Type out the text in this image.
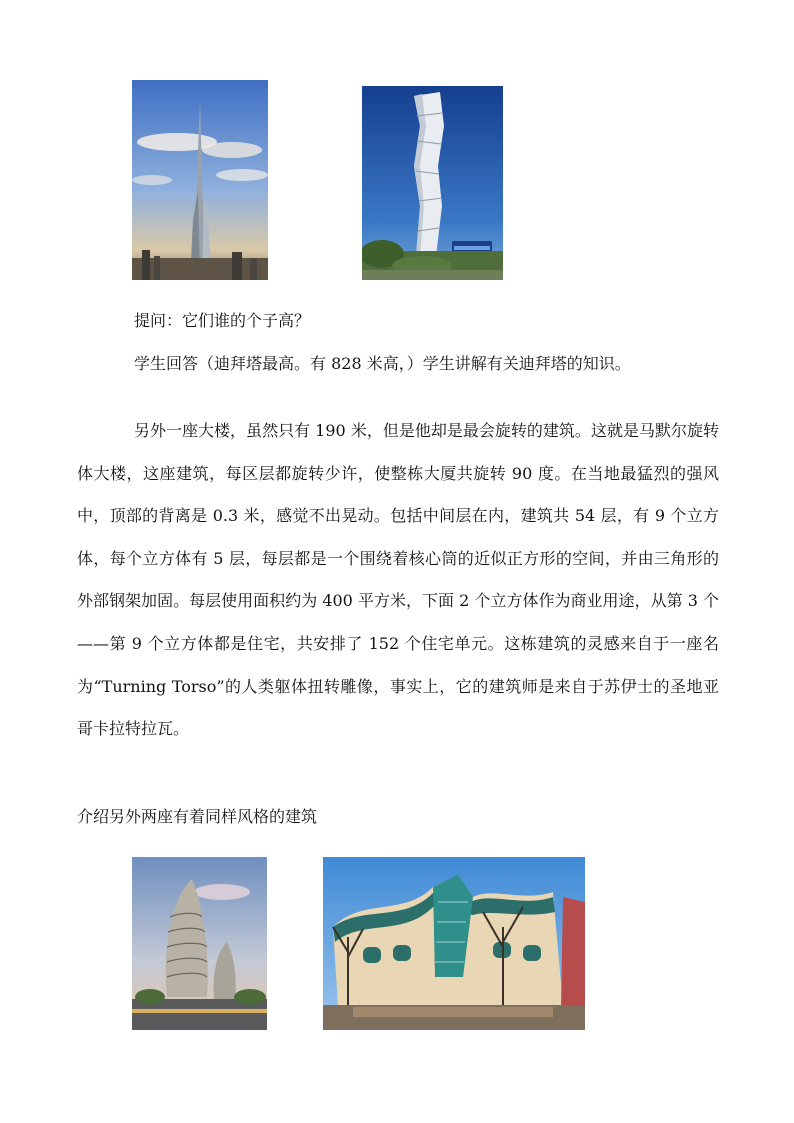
提问：它们谁的个子高？

学生回答（迪拜塔最高。有 828 米高，）学生讲解有关迪拜塔的知识。

另外一座大楼，虽然只有 190 米，但是他却是最会旋转的建筑。这就是马默尔旋转体大楼，这座建筑，每区层都旋转少许，使整栋大厦共旋转 90 度。在当地最猛烈的强风中，顶部的背离是 0.3 米，感觉不出晃动。包括中间层在内，建筑共 54 层，有 9 个立方体，每个立方体有 5 层，每层都是一个围绕着核心筒的近似正方形的空间，并由三角形的外部钢架加固。每层使用面积约为 400 平方米，下面 2 个立方体作为商业用途，从第 3 个——第 9 个立方体都是住宅，共安排了 152 个住宅单元。这栋建筑的灵感来自于一座名为“Turning Torso”的人类躯体扭转雕像，事实上，它的建筑师是来自于苏伊士的圣地亚哥卡拉特拉瓦。

介绍另外两座有着同样风格的建筑
